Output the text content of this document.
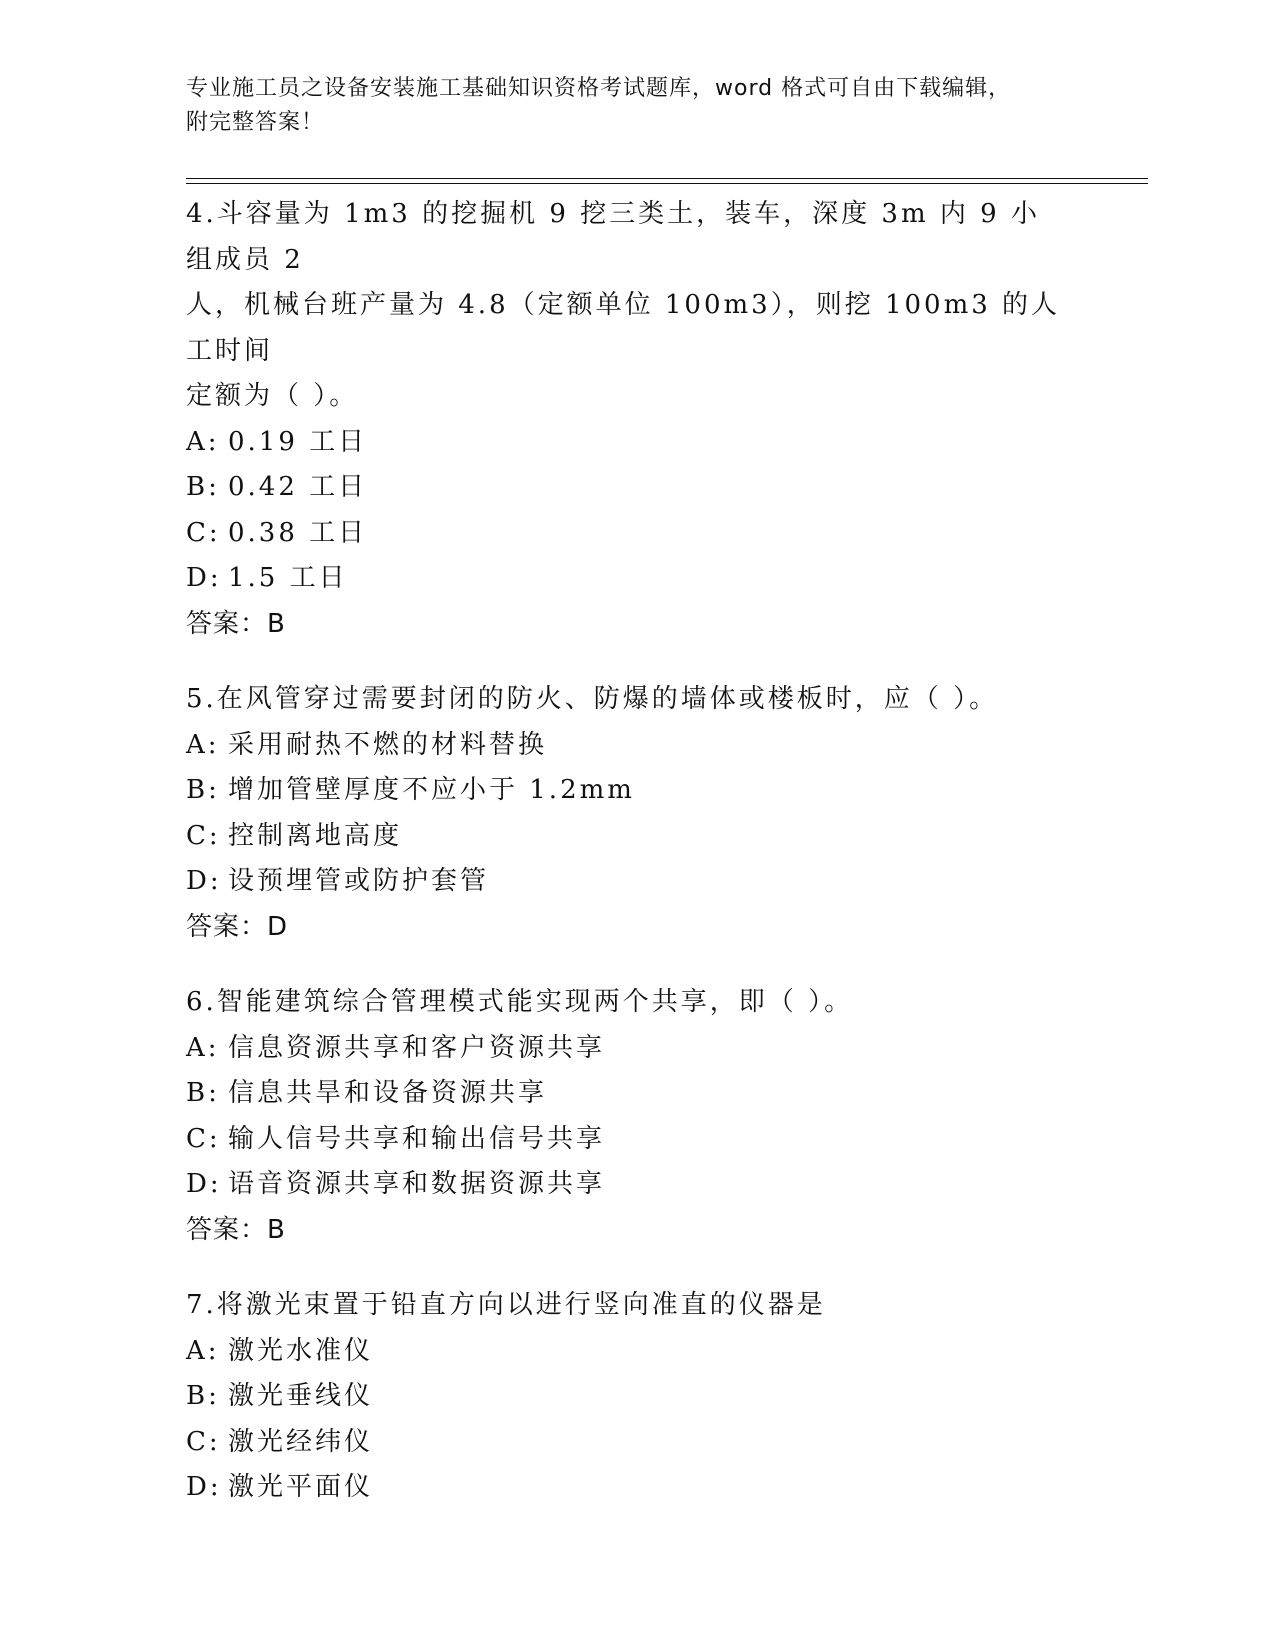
专业施工员之设备安装施工基础知识资格考试题库，word 格式可自由下载编辑，
附完整答案！
4.斗容量为 1m3 的挖掘机 9 挖三类土，装车，深度 3m 内 9 小组成员 2
人，机械台班产量为 4.8（定额单位 100m3），则挖 100m3 的人工时间
定额为（ ）。
A: 0.19 工日
B: 0.42 工日
C: 0.38 工日
D: 1.5 工日
答案：B
5.在风管穿过需要封闭的防火、防爆的墙体或楼板时，应（ ）。
A: 采用耐热不燃的材料替换
B: 增加管壁厚度不应小于 1.2mm
C: 控制离地高度
D: 设预埋管或防护套管
答案：D
6.智能建筑综合管理模式能实现两个共享，即（ ）。
A: 信息资源共享和客户资源共享
B: 信息共旱和设备资源共享
C: 输人信号共享和输出信号共享
D: 语音资源共享和数据资源共享
答案：B
7.将激光束置于铅直方向以进行竖向准直的仪器是
A: 激光水准仪
B: 激光垂线仪
C: 激光经纬仪
D: 激光平面仪
